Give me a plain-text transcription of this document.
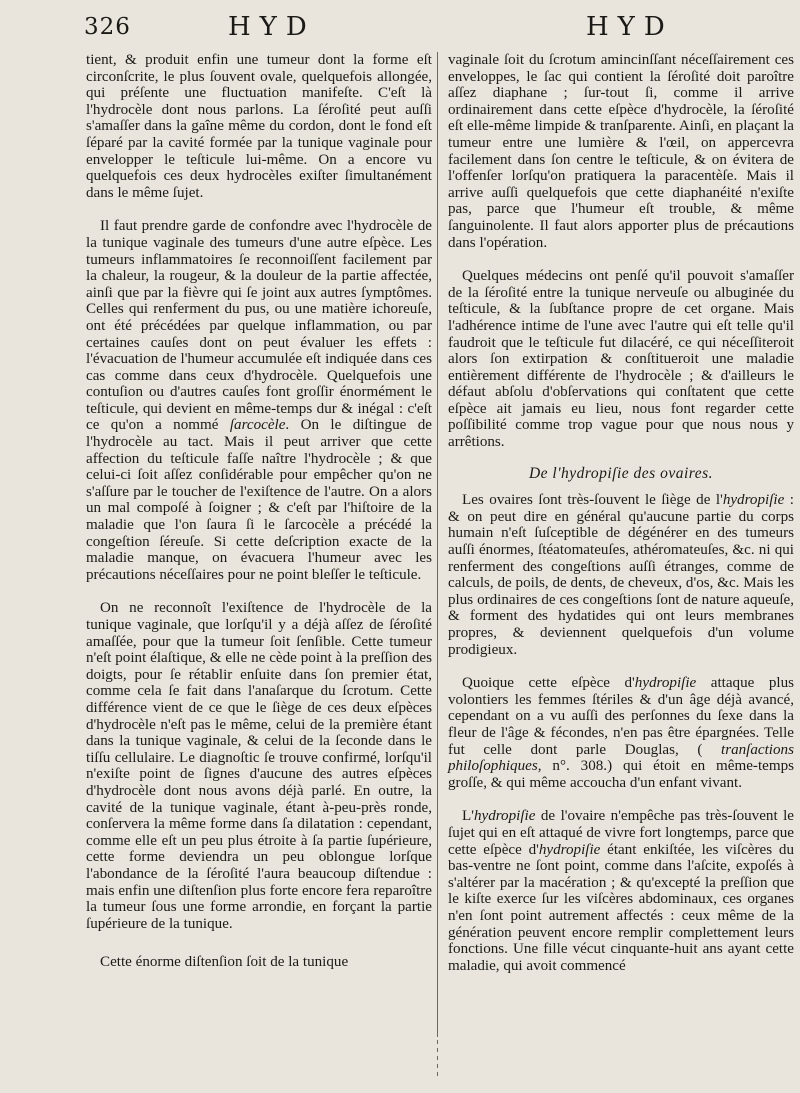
326	HYD	HYD

tient, & produit enfin une tumeur dont la forme eſt circonſcrite, le plus ſouvent ovale, quelquefois allongée, qui préſente une fluctuation manifeſte. C'eſt là l'hydrocèle dont nous parlons. La ſéroſité peut auſſi s'amaſſer dans la gaîne même du cordon, dont le fond eſt ſéparé par la cavité formée par la tunique vaginale pour envelopper le teſticule lui-même. On a encore vu quelquefois ces deux hydrocèles exiſter ſimultanément dans le même ſujet.

Il faut prendre garde de confondre avec l'hydrocèle de la tunique vaginale des tumeurs d'une autre eſpèce. Les tumeurs inflammatoires ſe reconnoiſſent facilement par la chaleur, la rougeur, & la douleur de la partie affectée, ainſi que par la fièvre qui ſe joint aux autres ſymptômes. Celles qui renferment du pus, ou une matière ichoreuſe, ont été précédées par quelque inflammation, ou par certaines cauſes dont on peut évaluer les effets : l'évacuation de l'humeur accumulée eſt indiquée dans ces cas comme dans ceux d'hydrocèle. Quelquefois une contuſion ou d'autres cauſes font groſſir énormément le teſticule, qui devient en même-temps dur & inégal : c'eſt ce qu'on a nommé ſarcocèle. On le diſtingue de l'hydrocèle au tact. Mais il peut arriver que cette affection du teſticule faſſe naître l'hydrocèle ; & que celui-ci ſoit aſſez conſidérable pour empêcher qu'on ne s'aſſure par le toucher de l'exiſtence de l'autre. On a alors un mal compoſé à ſoigner ; & c'eſt par l'hiſtoire de la maladie que l'on ſaura ſi le ſarcocèle a précédé la congeſtion ſéreuſe. Si cette deſcription exacte de la maladie manque, on évacuera l'humeur avec les précautions néceſſaires pour ne point bleſſer le teſticule.

On ne reconnoît l'exiſtence de l'hydrocèle de la tunique vaginale, que lorſqu'il y a déjà aſſez de ſéroſité amaſſée, pour que la tumeur ſoit ſenſible. Cette tumeur n'eſt point élaſtique, & elle ne cède point à la preſſion des doigts, pour ſe rétablir enſuite dans ſon premier état, comme cela ſe fait dans l'anaſarque du ſcrotum. Cette différence vient de ce que le ſiège de ces deux eſpèces d'hydrocèle n'eſt pas le même, celui de la première étant dans la tunique vaginale, & celui de la ſeconde dans le tiſſu cellulaire. Le diagnoſtic ſe trouve confirmé, lorſqu'il n'exiſte point de ſignes d'aucune des autres eſpèces d'hydrocèle dont nous avons déjà parlé. En outre, la cavité de la tunique vaginale, étant à-peu-près ronde, conſervera la même forme dans ſa dilatation : cependant, comme elle eſt un peu plus étroite à ſa partie ſupérieure, cette forme deviendra un peu oblongue lorſque l'abondance de la ſéroſité l'aura beaucoup diſtendue : mais enfin une diſtenſion plus forte encore fera reparoître la tumeur ſous une forme arrondie, en forçant la partie ſupérieure de la tunique.

Cette énorme diſtenſion ſoit de la tunique

vaginale ſoit du ſcrotum amincinſſant néceſſairement ces enveloppes, le ſac qui contient la ſéroſité doit paroître aſſez diaphane ; ſur-tout ſi, comme il arrive ordinairement dans cette eſpèce d'hydrocèle, la ſéroſité eſt elle-même limpide & tranſparente. Ainſi, en plaçant la tumeur entre une lumière & l'œil, on appercevra facilement dans ſon centre le teſticule, & on évitera de l'offenſer lorſqu'on pratiquera la paracentèſe. Mais il arrive auſſi quelquefois que cette diaphanéité n'exiſte pas, parce que l'humeur eſt trouble, & même ſanguinolente. Il faut alors apporter plus de précautions dans l'opération.

Quelques médecins ont penſé qu'il pouvoit s'amaſſer de la ſéroſité entre la tunique nerveuſe ou albuginée du teſticule, & la ſubſtance propre de cet organe. Mais l'adhérence intime de l'une avec l'autre qui eſt telle qu'il faudroit que le teſticule fut dilacéré, ce qui néceſſiteroit alors ſon extirpation & conſtitueroit une maladie entièrement différente de l'hydrocèle ; & d'ailleurs le défaut abſolu d'obſervations qui conſtatent que cette eſpèce ait jamais eu lieu, nous font regarder cette poſſibilité comme trop vague pour que nous nous y arrêtions.

De l'hydropiſie des ovaires.

Les ovaires ſont très-ſouvent le ſiège de l'hydropiſie : & on peut dire en général qu'aucune partie du corps humain n'eſt ſuſceptible de dégénérer en des tumeurs auſſi énormes, ſtéatomateuſes, athéromateuſes, &c. ni qui renferment des congeſtions auſſi étranges, comme de calculs, de poils, de dents, de cheveux, d'os, &c. Mais les plus ordinaires de ces congeſtions ſont de nature aqueuſe, & forment des hydatides qui ont leurs membranes propres, & deviennent quelquefois d'un volume prodigieux.

Quoique cette eſpèce d'hydropiſie attaque plus volontiers les femmes ſtériles & d'un âge déjà avancé, cependant on a vu auſſi des perſonnes du ſexe dans la fleur de l'âge & fécondes, n'en pas être épargnées. Telle fut celle dont parle Douglas, ( tranſactions philoſophiques, n°. 308.) qui étoit en même-temps groſſe, & qui même accoucha d'un enfant vivant.

L'hydropiſie de l'ovaire n'empêche pas très-ſouvent le ſujet qui en eſt attaqué de vivre fort longtemps, parce que cette eſpèce d'hydropiſie étant enkiſtée, les viſcères du bas-ventre ne ſont point, comme dans l'aſcite, expoſés à s'altérer par la macération ; & qu'excepté la preſſion que le kiſte exerce ſur les viſcères abdominaux, ces organes n'en ſont point autrement affectés : ceux même de la génération peuvent encore remplir complettement leurs fonctions. Une fille vécut cinquante-huit ans ayant cette maladie, qui avoit commencé
